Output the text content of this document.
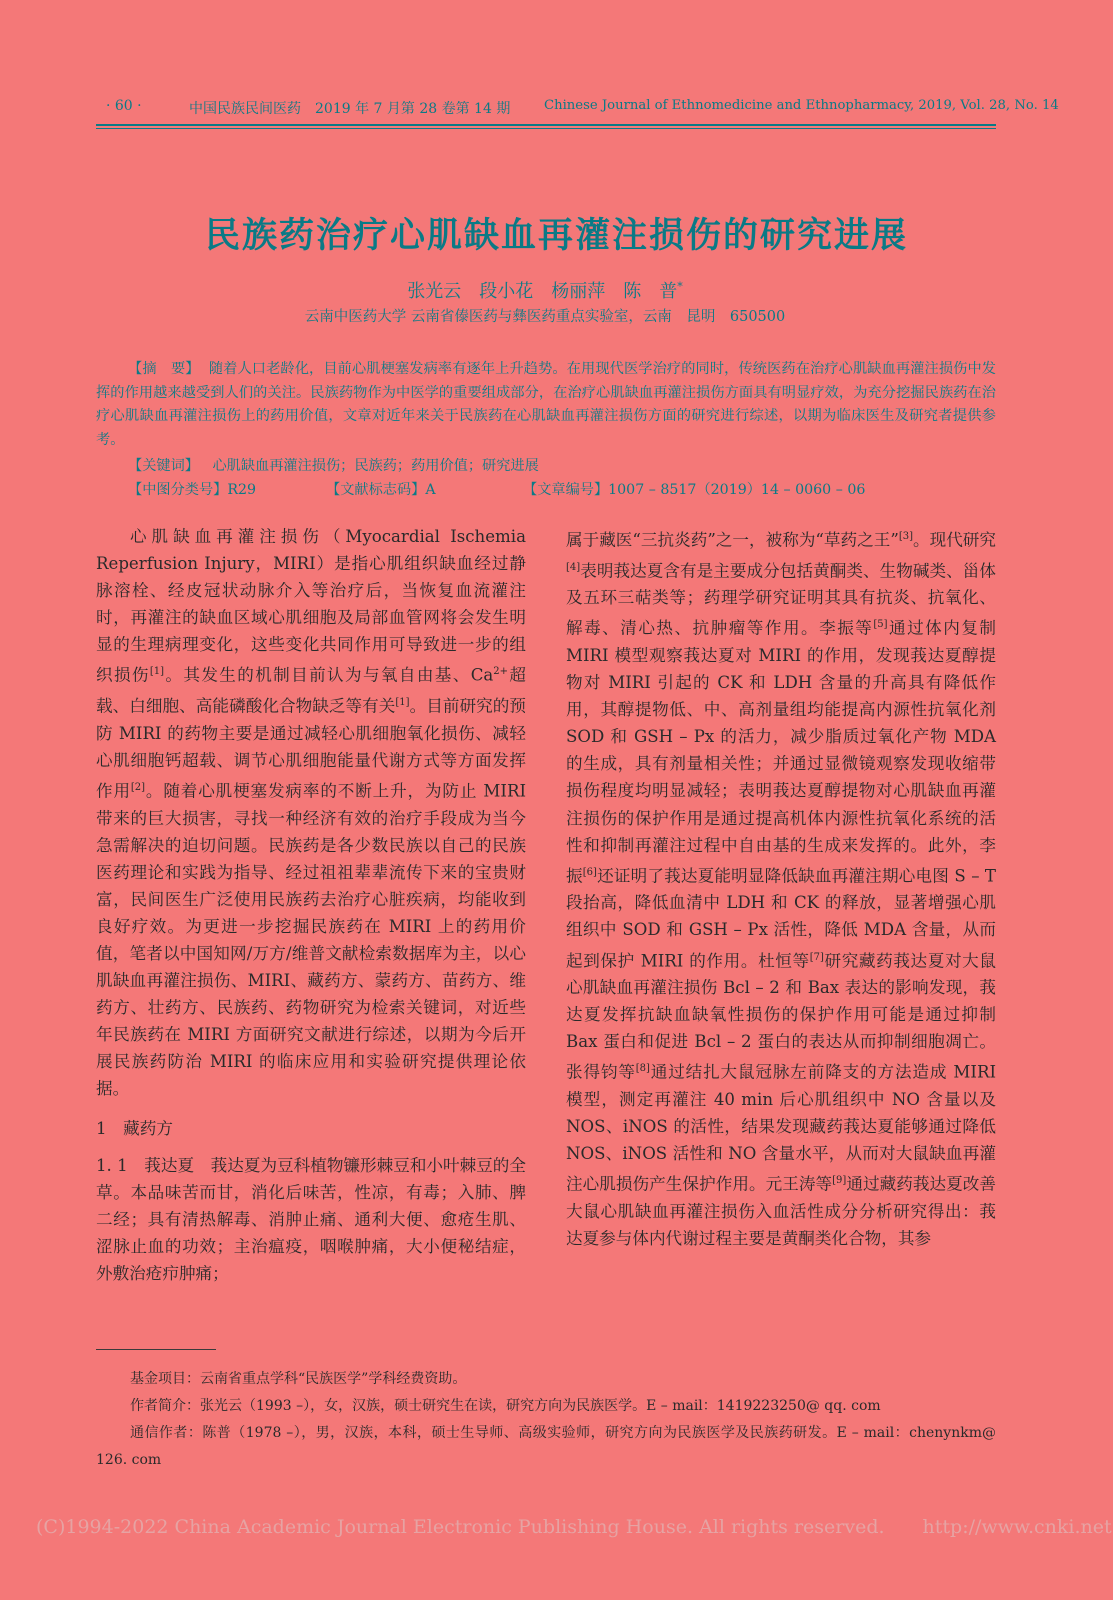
· 60 ·	中国民族民间医药　2019 年 7 月第 28 卷第 14 期	Chinese Journal of Ethnomedicine and Ethnopharmacy, 2019, Vol. 28, No. 14
民族药治疗心肌缺血再灌注损伤的研究进展
张光云　段小花　杨丽萍　陈　普*
云南中医药大学 云南省傣医药与彝医药重点实验室，云南　昆明　650500
【摘　要】 随着人口老龄化，目前心肌梗塞发病率有逐年上升趋势。在用现代医学治疗的同时，传统医药在治疗心肌缺血再灌注损伤中发挥的作用越来越受到人们的关注。民族药物作为中医学的重要组成部分，在治疗心肌缺血再灌注损伤方面具有明显疗效，为充分挖掘民族药在治疗心肌缺血再灌注损伤上的药用价值，文章对近年来关于民族药在心肌缺血再灌注损伤方面的研究进行综述，以期为临床医生及研究者提供参考。
【关键词】 心肌缺血再灌注损伤；民族药；药用价值；研究进展
【中图分类号】R29	【文献标志码】A	【文章编号】1007 – 8517（2019）14 – 0060 – 06

心肌缺血再灌注损伤（Myocardial Ischemia Reperfusion Injury，MIRI）是指心肌组织缺血经过静脉溶栓、经皮冠状动脉介入等治疗后，当恢复血流灌注时，再灌注的缺血区域心肌细胞及局部血管网将会发生明显的生理病理变化，这些变化共同作用可导致进一步的组织损伤[1]。其发生的机制目前认为与氧自由基、$Ca^{2+}$超载、白细胞、高能磷酸化合物缺乏等有关[1]。目前研究的预防 MIRI 的药物主要是通过减轻心肌细胞氧化损伤、减轻心肌细胞钙超载、调节心肌细胞能量代谢方式等方面发挥作用[2]。随着心肌梗塞发病率的不断上升，为防止 MIRI 带来的巨大损害，寻找一种经济有效的治疗手段成为当今急需解决的迫切问题。民族药是各少数民族以自己的民族医药理论和实践为指导、经过祖祖辈辈流传下来的宝贵财富，民间医生广泛使用民族药去治疗心脏疾病，均能收到良好疗效。为更进一步挖掘民族药在 MIRI 上的药用价值，笔者以中国知网/万方/维普文献检索数据库为主，以心肌缺血再灌注损伤、MIRI、藏药方、蒙药方、苗药方、维药方、壮药方、民族药、药物研究为检索关键词，对近些年民族药在 MIRI 方面研究文献进行综述，以期为今后开展民族药防治 MIRI 的临床应用和实验研究提供理论依据。

1　藏药方

1. 1　莪达夏　莪达夏为豆科植物镰形棘豆和小叶棘豆的全草。本品味苦而甘，消化后味苦，性凉，有毒；入肺、脾二经；具有清热解毒、消肿止痛、通利大便、愈疮生肌、涩脉止血的功效；主治瘟疫，咽喉肿痛，大小便秘结症，外敷治疮疖肿痛；

属于藏医“三抗炎药”之一，被称为“草药之王”[3]。现代研究[4]表明莪达夏含有是主要成分包括黄酮类、生物碱类、甾体及五环三萜类等；药理学研究证明其具有抗炎、抗氧化、解毒、清心热、抗肿瘤等作用。李振等[5]通过体内复制 MIRI 模型观察莪达夏对 MIRI 的作用，发现莪达夏醇提物对 MIRI 引起的 CK 和 LDH 含量的升高具有降低作用，其醇提物低、中、高剂量组均能提高内源性抗氧化剂 SOD 和 GSH – Px 的活力，减少脂质过氧化产物 MDA 的生成，具有剂量相关性；并通过显微镜观察发现收缩带损伤程度均明显减轻；表明莪达夏醇提物对心肌缺血再灌注损伤的保护作用是通过提高机体内源性抗氧化系统的活性和抑制再灌注过程中自由基的生成来发挥的。此外，李振[6]还证明了莪达夏能明显降低缺血再灌注期心电图 S – T 段抬高，降低血清中 LDH 和 CK 的释放，显著增强心肌组织中 SOD 和 GSH – Px 活性，降低 MDA 含量，从而起到保护 MIRI 的作用。杜恒等[7]研究藏药莪达夏对大鼠心肌缺血再灌注损伤 Bcl – 2 和 Bax 表达的影响发现，莪达夏发挥抗缺血缺氧性损伤的保护作用可能是通过抑制 Bax 蛋白和促进 Bcl – 2 蛋白的表达从而抑制细胞凋亡。张得钧等[8]通过结扎大鼠冠脉左前降支的方法造成 MIRI 模型，测定再灌注 40 min 后心肌组织中 NO 含量以及 NOS、iNOS 的活性，结果发现藏药莪达夏能够通过降低 NOS、iNOS 活性和 NO 含量水平，从而对大鼠缺血再灌注心肌损伤产生保护作用。元王涛等[9]通过藏药莪达夏改善大鼠心肌缺血再灌注损伤入血活性成分分析研究得出：莪达夏参与体内代谢过程主要是黄酮类化合物，其参

基金项目：云南省重点学科“民族医学”学科经费资助。

作者简介：张光云（1993 –），女，汉族，硕士研究生在读，研究方向为民族医学。E – mail：1419223250@ qq. com

通信作者：陈普（1978 –），男，汉族，本科，硕士生导师、高级实验师，研究方向为民族医学及民族药研发。E – mail：chenynkm@ 126. com

(C)1994-2022 China Academic Journal Electronic Publishing House. All rights reserved.　　http://www.cnki.net
